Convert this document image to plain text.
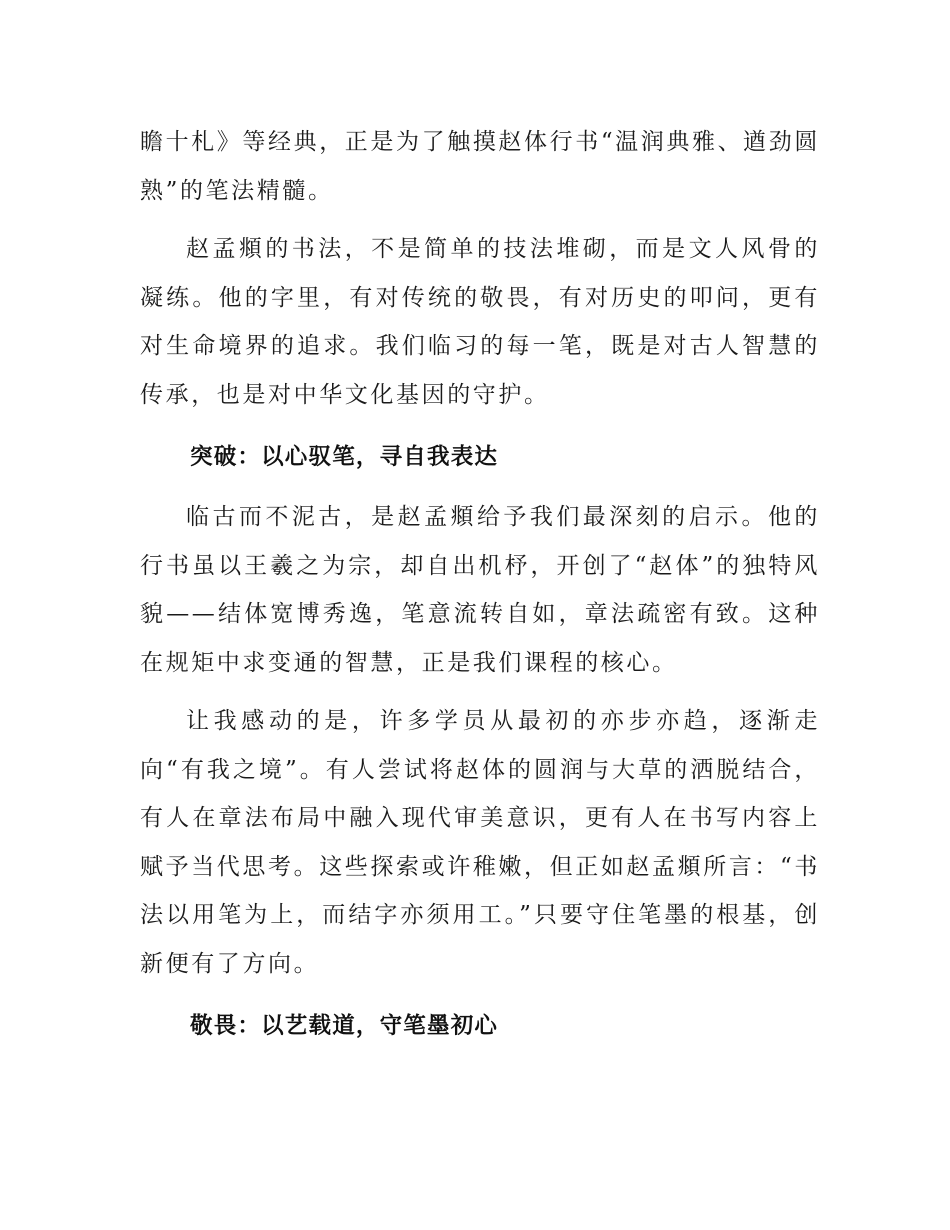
瞻十札》等经典，正是为了触摸赵体行书“温润典雅、遒劲圆熟”的笔法精髓。

赵孟頫的书法，不是简单的技法堆砌，而是文人风骨的凝练。他的字里，有对传统的敬畏，有对历史的叩问，更有对生命境界的追求。我们临习的每一笔，既是对古人智慧的传承，也是对中华文化基因的守护。

突破：以心驭笔，寻自我表达

临古而不泥古，是赵孟頫给予我们最深刻的启示。他的行书虽以王羲之为宗，却自出机杼，开创了“赵体”的独特风貌——结体宽博秀逸，笔意流转自如，章法疏密有致。这种在规矩中求变通的智慧，正是我们课程的核心。

让我感动的是，许多学员从最初的亦步亦趋，逐渐走向“有我之境”。有人尝试将赵体的圆润与大草的洒脱结合，有人在章法布局中融入现代审美意识，更有人在书写内容上赋予当代思考。这些探索或许稚嫩，但正如赵孟頫所言：“书法以用笔为上，而结字亦须用工。”只要守住笔墨的根基，创新便有了方向。

敬畏：以艺载道，守笔墨初心
